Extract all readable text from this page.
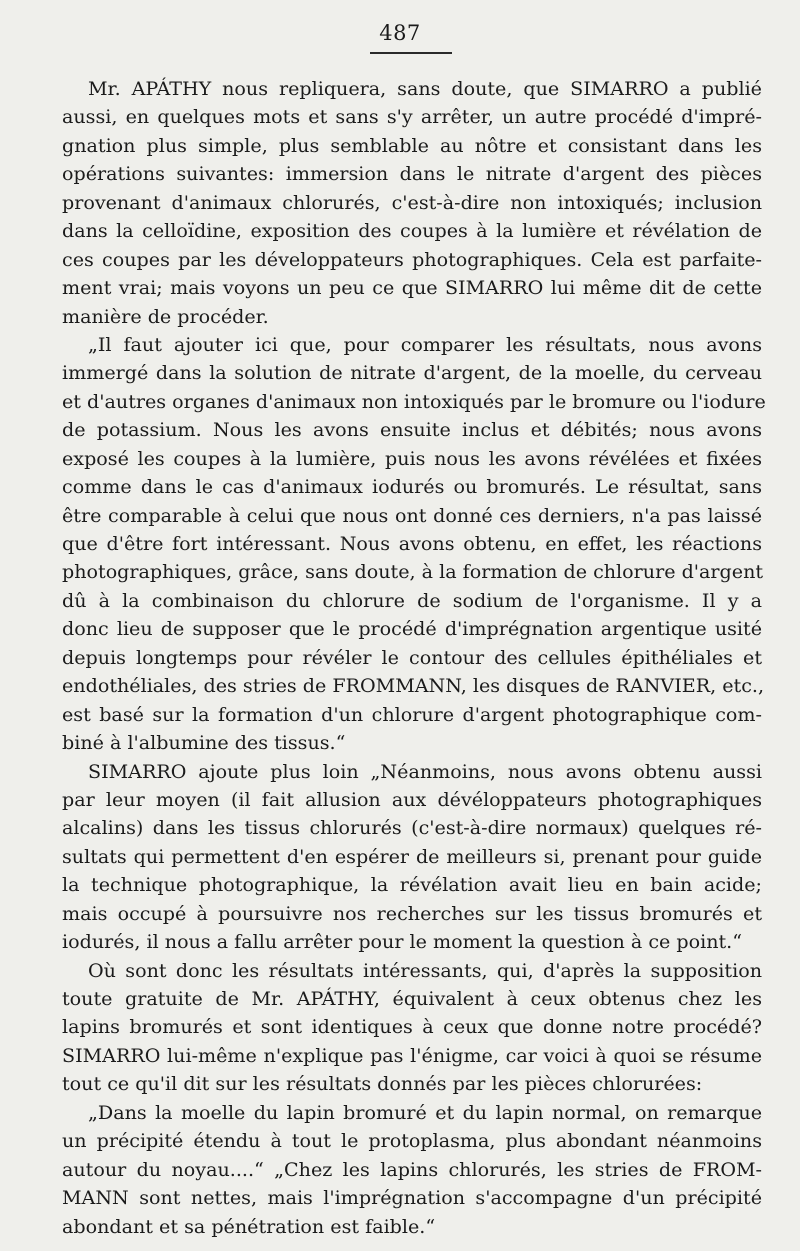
487
Mr. APÁTHY nous repliquera, sans doute, que SIMARRO a publié
aussi, en quelques mots et sans s'y arrêter, un autre procédé d'impré-
gnation plus simple, plus semblable au nôtre et consistant dans les
opérations suivantes: immersion dans le nitrate d'argent des pièces
provenant d'animaux chlorurés, c'est-à-dire non intoxiqués; inclusion
dans la celloïdine, exposition des coupes à la lumière et révélation de
ces coupes par les développateurs photographiques. Cela est parfaite-
ment vrai; mais voyons un peu ce que SIMARRO lui même dit de cette
manière de procéder.
„Il faut ajouter ici que, pour comparer les résultats, nous avons
immergé dans la solution de nitrate d'argent, de la moelle, du cerveau
et d'autres organes d'animaux non intoxiqués par le bromure ou l'iodure
de potassium. Nous les avons ensuite inclus et débités; nous avons
exposé les coupes à la lumière, puis nous les avons révélées et fixées
comme dans le cas d'animaux iodurés ou bromurés. Le résultat, sans
être comparable à celui que nous ont donné ces derniers, n'a pas laissé
que d'être fort intéressant. Nous avons obtenu, en effet, les réactions
photographiques, grâce, sans doute, à la formation de chlorure d'argent
dû à la combinaison du chlorure de sodium de l'organisme. Il y a
donc lieu de supposer que le procédé d'imprégnation argentique usité
depuis longtemps pour révéler le contour des cellules épithéliales et
endothéliales, des stries de FROMMANN, les disques de RANVIER, etc.,
est basé sur la formation d'un chlorure d'argent photographique com-
biné à l'albumine des tissus.“
SIMARRO ajoute plus loin „Néanmoins, nous avons obtenu aussi
par leur moyen (il fait allusion aux dévéloppateurs photographiques
alcalins) dans les tissus chlorurés (c'est-à-dire normaux) quelques ré-
sultats qui permettent d'en espérer de meilleurs si, prenant pour guide
la technique photographique, la révélation avait lieu en bain acide;
mais occupé à poursuivre nos recherches sur les tissus bromurés et
iodurés, il nous a fallu arrêter pour le moment la question à ce point.“
Où sont donc les résultats intéressants, qui, d'après la supposition
toute gratuite de Mr. APÁTHY, équivalent à ceux obtenus chez les
lapins bromurés et sont identiques à ceux que donne notre procédé?
SIMARRO lui-même n'explique pas l'énigme, car voici à quoi se résume
tout ce qu'il dit sur les résultats donnés par les pièces chlorurées:
„Dans la moelle du lapin bromuré et du lapin normal, on remarque
un précipité étendu à tout le protoplasma, plus abondant néanmoins
autour du noyau....“ „Chez les lapins chlorurés, les stries de FROM-
MANN sont nettes, mais l'imprégnation s'accompagne d'un précipité
abondant et sa pénétration est faible.“
